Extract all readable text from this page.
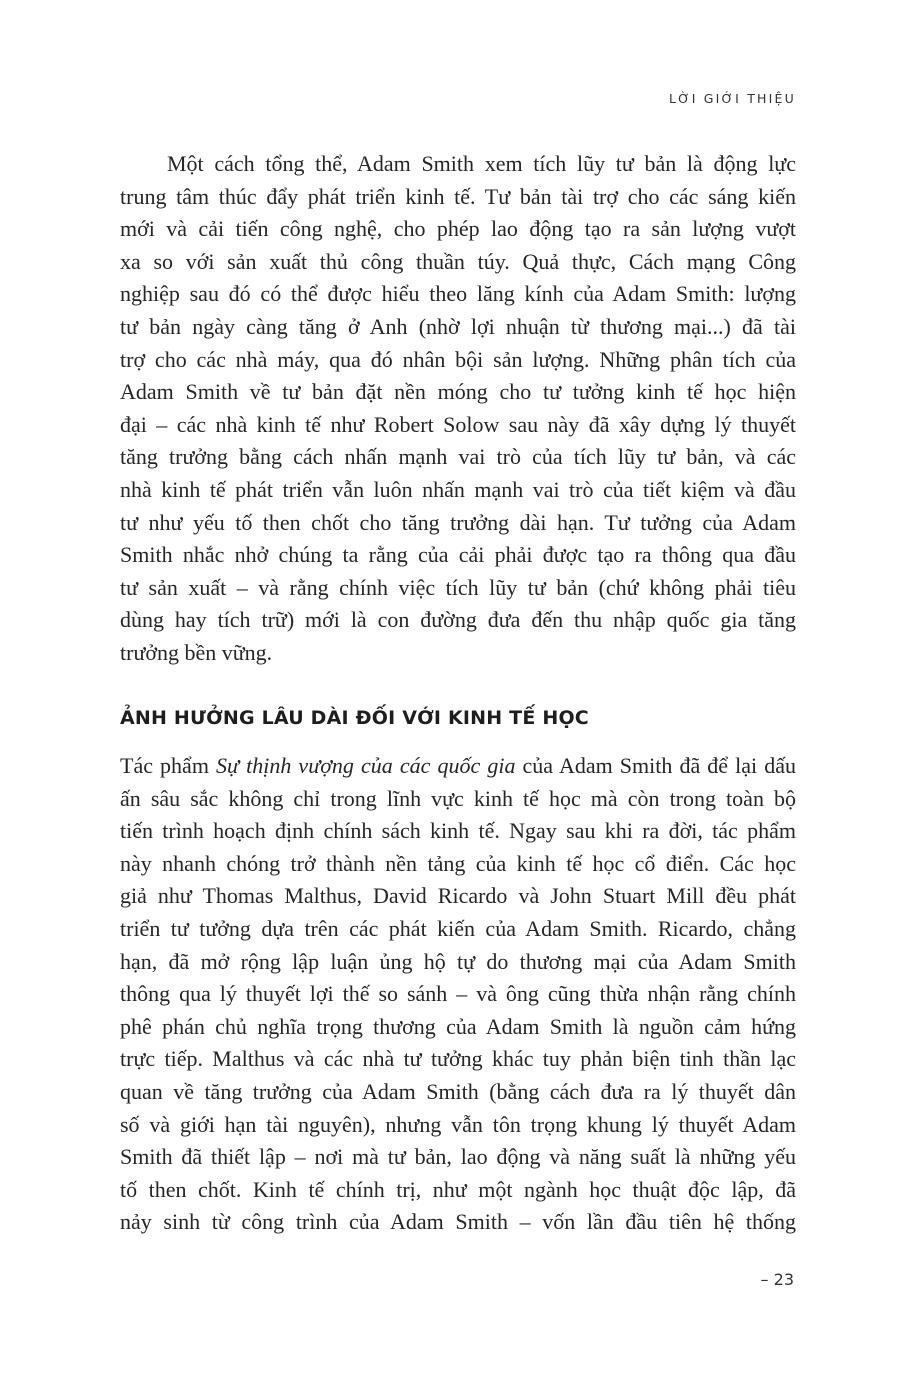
LỜI GIỚI THIỆU
Một cách tổng thể, Adam Smith xem tích lũy tư bản là động lực
trung tâm thúc đẩy phát triển kinh tế. Tư bản tài trợ cho các sáng kiến
mới và cải tiến công nghệ, cho phép lao động tạo ra sản lượng vượt
xa so với sản xuất thủ công thuần túy. Quả thực, Cách mạng Công
nghiệp sau đó có thể được hiểu theo lăng kính của Adam Smith: lượng
tư bản ngày càng tăng ở Anh (nhờ lợi nhuận từ thương mại...) đã tài
trợ cho các nhà máy, qua đó nhân bội sản lượng. Những phân tích của
Adam Smith về tư bản đặt nền móng cho tư tưởng kinh tế học hiện
đại – các nhà kinh tế như Robert Solow sau này đã xây dựng lý thuyết
tăng trưởng bằng cách nhấn mạnh vai trò của tích lũy tư bản, và các
nhà kinh tế phát triển vẫn luôn nhấn mạnh vai trò của tiết kiệm và đầu
tư như yếu tố then chốt cho tăng trưởng dài hạn. Tư tưởng của Adam
Smith nhắc nhở chúng ta rằng của cải phải được tạo ra thông qua đầu
tư sản xuất – và rằng chính việc tích lũy tư bản (chứ không phải tiêu
dùng hay tích trữ) mới là con đường đưa đến thu nhập quốc gia tăng
trưởng bền vững.
ẢNH HƯỞNG LÂU DÀI ĐỐI VỚI KINH TẾ HỌC
Tác phẩm Sự thịnh vượng của các quốc gia của Adam Smith đã để lại dấu
ấn sâu sắc không chỉ trong lĩnh vực kinh tế học mà còn trong toàn bộ
tiến trình hoạch định chính sách kinh tế. Ngay sau khi ra đời, tác phẩm
này nhanh chóng trở thành nền tảng của kinh tế học cổ điển. Các học
giả như Thomas Malthus, David Ricardo và John Stuart Mill đều phát
triển tư tưởng dựa trên các phát kiến của Adam Smith. Ricardo, chẳng
hạn, đã mở rộng lập luận ủng hộ tự do thương mại của Adam Smith
thông qua lý thuyết lợi thế so sánh – và ông cũng thừa nhận rằng chính
phê phán chủ nghĩa trọng thương của Adam Smith là nguồn cảm hứng
trực tiếp. Malthus và các nhà tư tưởng khác tuy phản biện tinh thần lạc
quan về tăng trưởng của Adam Smith (bằng cách đưa ra lý thuyết dân
số và giới hạn tài nguyên), nhưng vẫn tôn trọng khung lý thuyết Adam
Smith đã thiết lập – nơi mà tư bản, lao động và năng suất là những yếu
tố then chốt. Kinh tế chính trị, như một ngành học thuật độc lập, đã
nảy sinh từ công trình của Adam Smith – vốn lần đầu tiên hệ thống
– 23
